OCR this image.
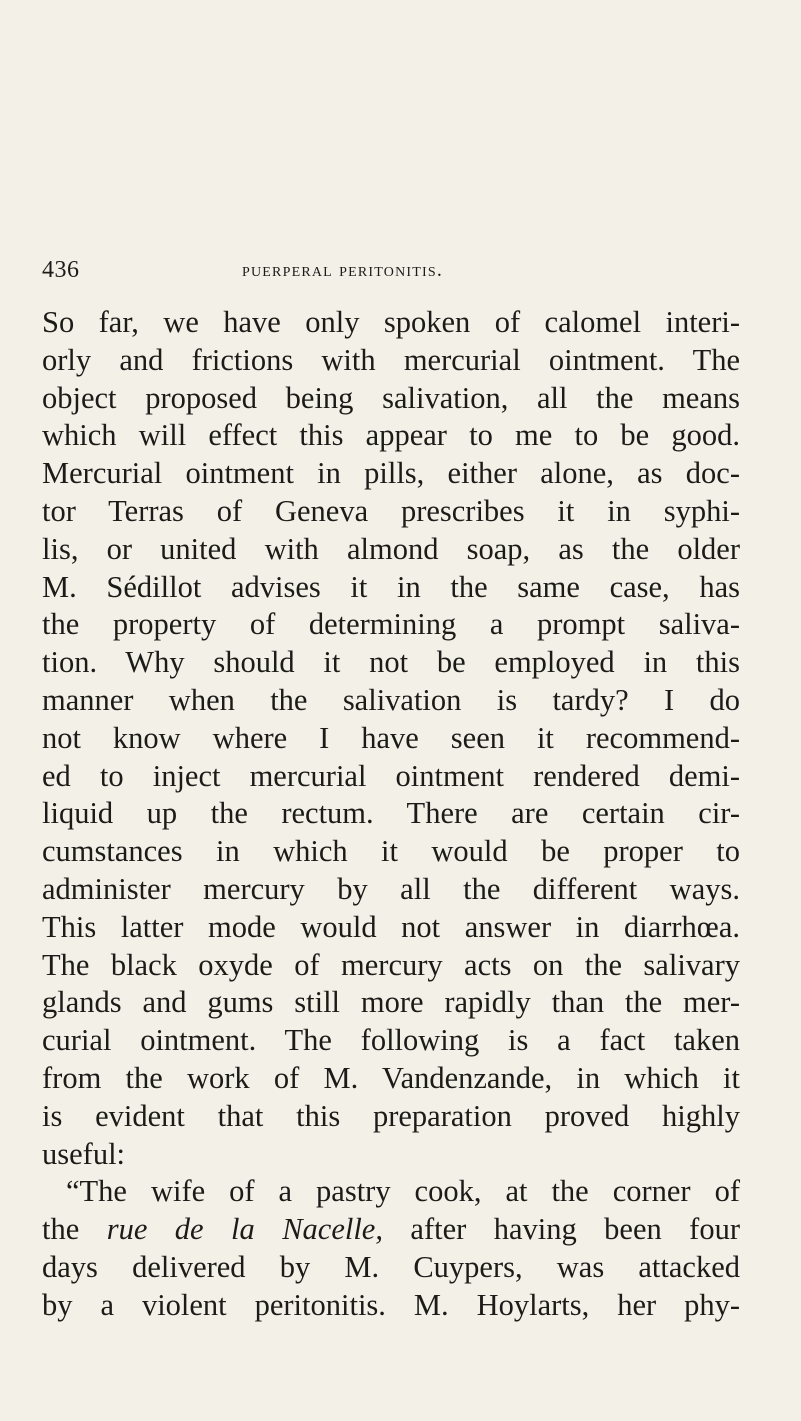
436	puerperal peritonitis.
So far, we have only spoken of calomel interi-
orly and frictions with mercurial ointment. The
object proposed being salivation, all the means
which will effect this appear to me to be good.
Mercurial ointment in pills, either alone, as doc-
tor Terras of Geneva prescribes it in syphi-
lis, or united with almond soap, as the older
M. Sédillot advises it in the same case, has
the property of determining a prompt saliva-
tion. Why should it not be employed in this
manner when the salivation is tardy? I do
not know where I have seen it recommend-
ed to inject mercurial ointment rendered demi-
liquid up the rectum. There are certain cir-
cumstances in which it would be proper to
administer mercury by all the different ways.
This latter mode would not answer in diarrhœa.
The black oxyde of mercury acts on the salivary
glands and gums still more rapidly than the mer-
curial ointment. The following is a fact taken
from the work of M. Vandenzande, in which it
is evident that this preparation proved highly
useful:
“The wife of a pastry cook, at the corner of
the rue de la Nacelle, after having been four
days delivered by M. Cuypers, was attacked
by a violent peritonitis. M. Hoylarts, her phy-
